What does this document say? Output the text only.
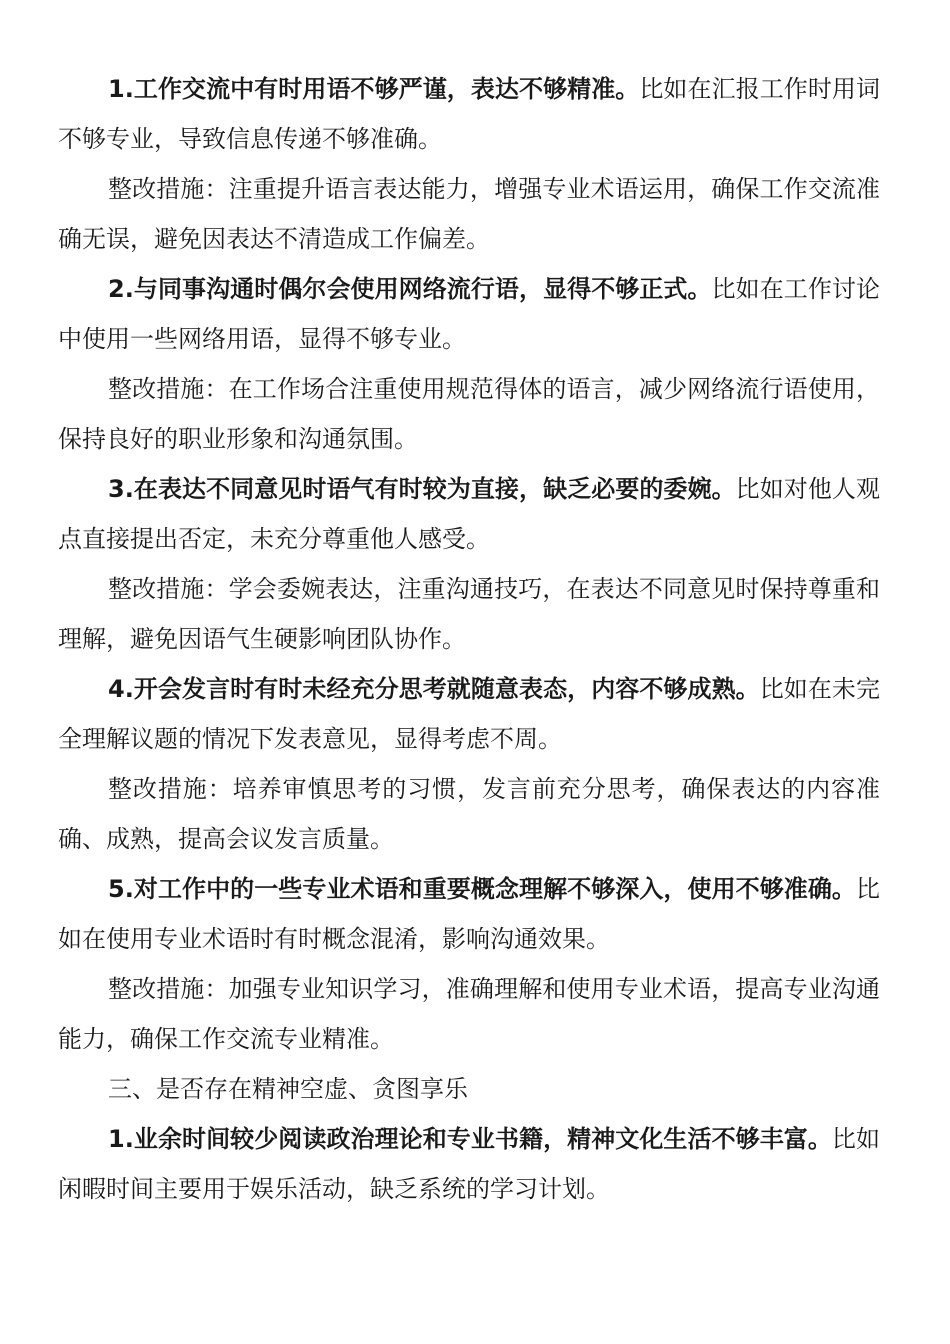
1.工作交流中有时用语不够严谨，表达不够精准。比如在汇报工作时用词不够专业，导致信息传递不够准确。

整改措施：注重提升语言表达能力，增强专业术语运用，确保工作交流准确无误，避免因表达不清造成工作偏差。

2.与同事沟通时偶尔会使用网络流行语，显得不够正式。比如在工作讨论中使用一些网络用语，显得不够专业。

整改措施：在工作场合注重使用规范得体的语言，减少网络流行语使用，保持良好的职业形象和沟通氛围。

3.在表达不同意见时语气有时较为直接，缺乏必要的委婉。比如对他人观点直接提出否定，未充分尊重他人感受。

整改措施：学会委婉表达，注重沟通技巧，在表达不同意见时保持尊重和理解，避免因语气生硬影响团队协作。

4.开会发言时有时未经充分思考就随意表态，内容不够成熟。比如在未完全理解议题的情况下发表意见，显得考虑不周。

整改措施：培养审慎思考的习惯，发言前充分思考，确保表达的内容准确、成熟，提高会议发言质量。

5.对工作中的一些专业术语和重要概念理解不够深入，使用不够准确。比如在使用专业术语时有时概念混淆，影响沟通效果。

整改措施：加强专业知识学习，准确理解和使用专业术语，提高专业沟通能力，确保工作交流专业精准。

三、是否存在精神空虚、贪图享乐

1.业余时间较少阅读政治理论和专业书籍，精神文化生活不够丰富。比如闲暇时间主要用于娱乐活动，缺乏系统的学习计划。
